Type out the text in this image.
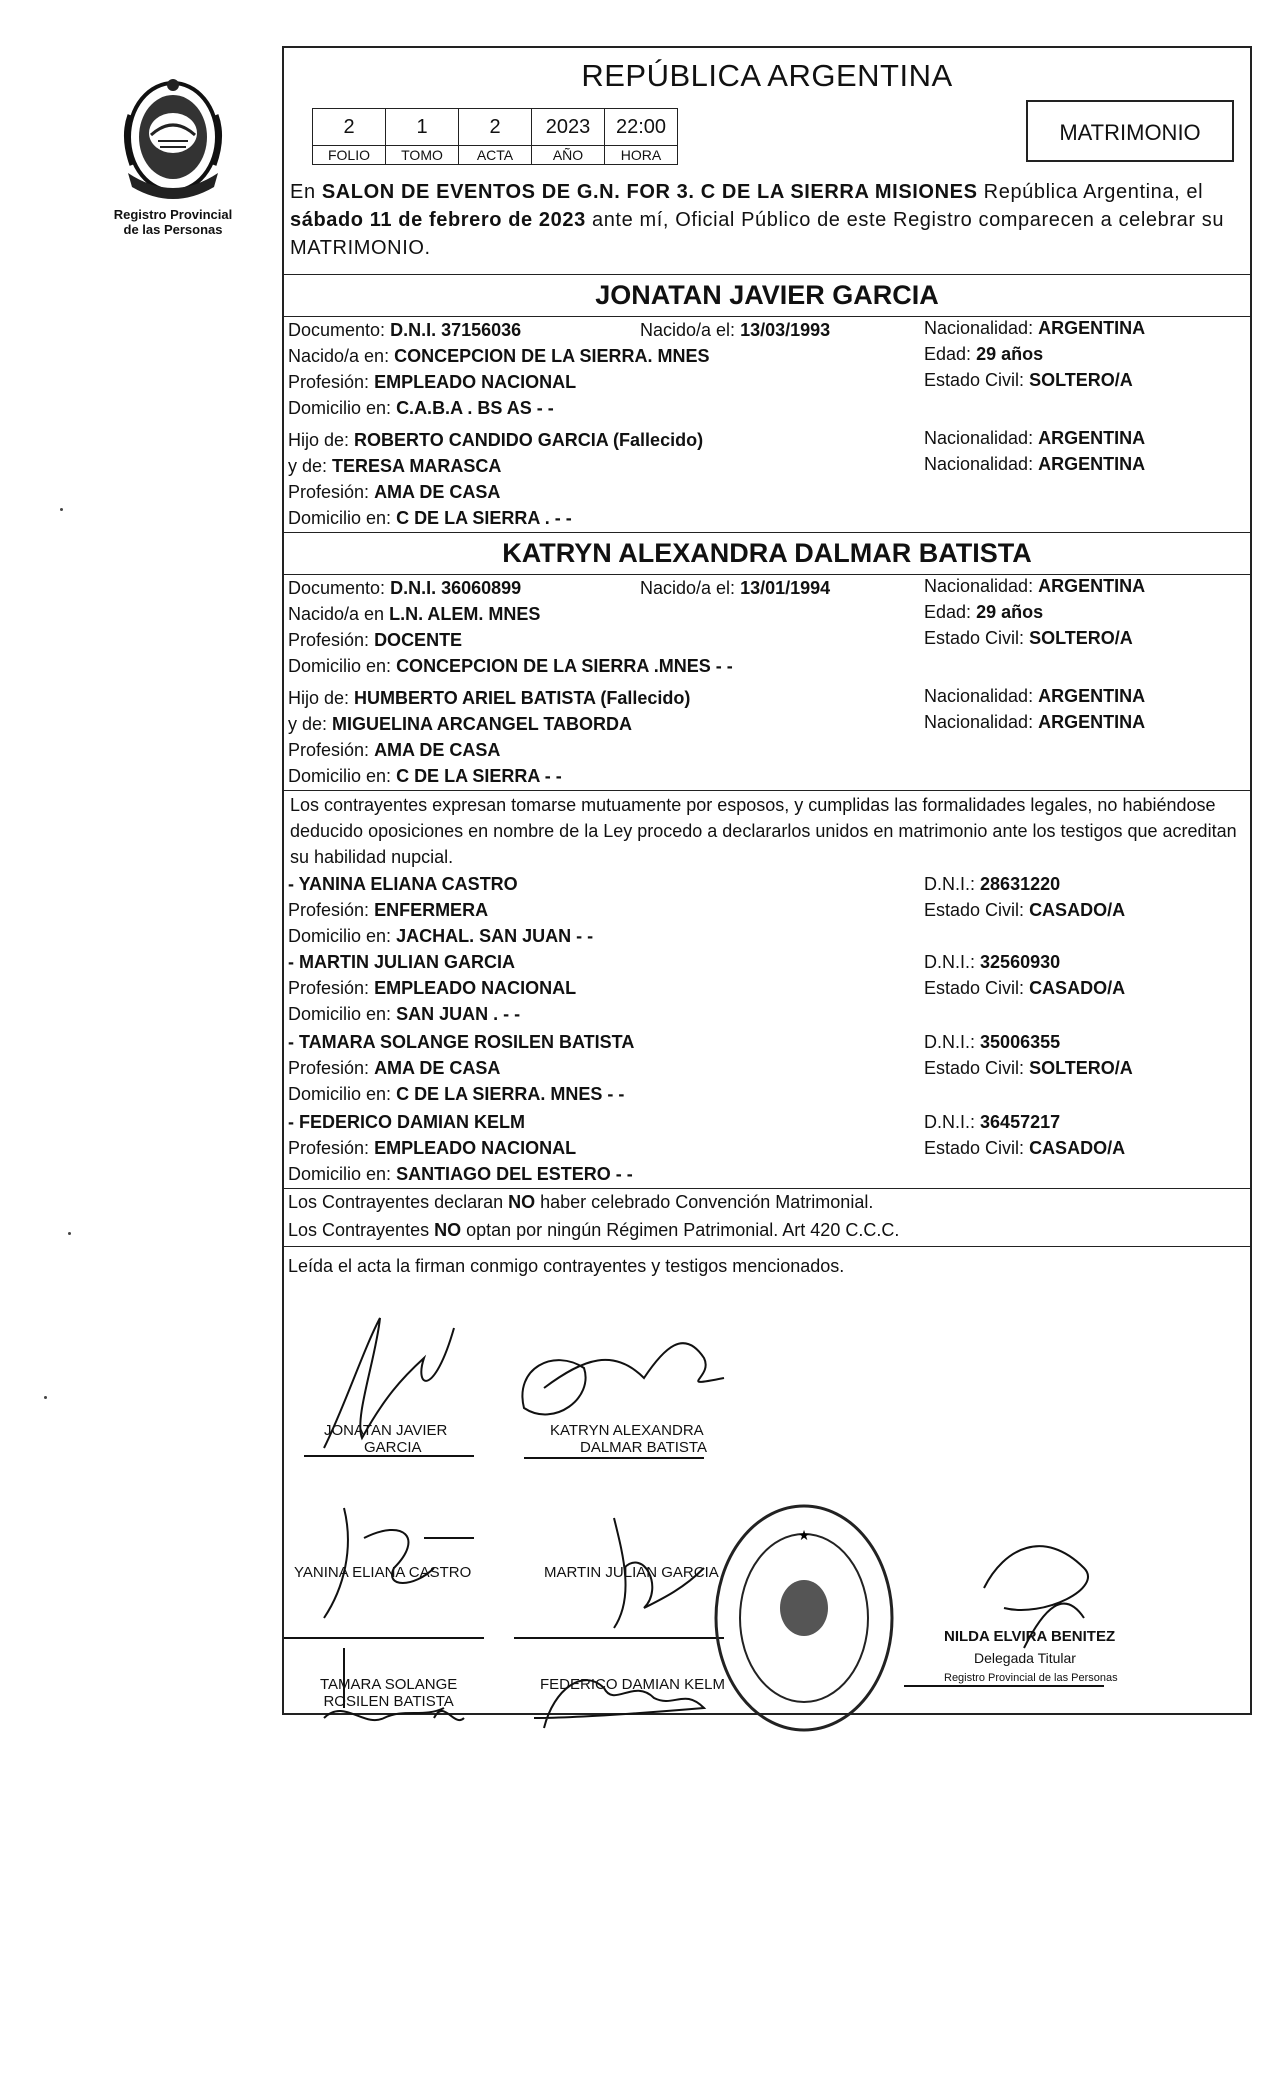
Registro Provincial
de las Personas
REPÚBLICA ARGENTINA
2	1	2	2023	22:00
FOLIO	TOMO	ACTA	AÑO	HORA
MATRIMONIO
En SALON DE EVENTOS DE G.N. FOR 3. C DE LA SIERRA MISIONES República Argentina, el sábado 11 de febrero de 2023 ante mí, Oficial Público de este Registro comparecen a celebrar su MATRIMONIO.
JONATAN JAVIER GARCIA
Documento: D.N.I. 37156036	Nacido/a el: 13/03/1993	Nacionalidad: ARGENTINA
Nacido/a en: CONCEPCION DE LA SIERRA. MNES	Edad: 29 años
Profesión: EMPLEADO NACIONAL	Estado Civil: SOLTERO/A
Domicilio en: C.A.B.A . BS AS - -
Hijo de: ROBERTO CANDIDO GARCIA (Fallecido)	Nacionalidad: ARGENTINA
y de: TERESA MARASCA	Nacionalidad: ARGENTINA
Profesión: AMA DE CASA
Domicilio en: C DE LA SIERRA . - -
KATRYN ALEXANDRA DALMAR BATISTA
Documento: D.N.I. 36060899	Nacido/a el: 13/01/1994	Nacionalidad: ARGENTINA
Nacido/a en L.N. ALEM. MNES	Edad: 29 años
Profesión: DOCENTE	Estado Civil: SOLTERO/A
Domicilio en: CONCEPCION DE LA SIERRA .MNES - -
Hijo de: HUMBERTO ARIEL BATISTA (Fallecido)	Nacionalidad: ARGENTINA
y de: MIGUELINA ARCANGEL TABORDA	Nacionalidad: ARGENTINA
Profesión: AMA DE CASA
Domicilio en: C DE LA SIERRA - -
Los contrayentes expresan tomarse mutuamente por esposos, y cumplidas las formalidades legales, no habiéndose deducido oposiciones en nombre de la Ley procedo a declararlos unidos en matrimonio ante los testigos que acreditan su habilidad nupcial.
- YANINA ELIANA CASTRO	D.N.I.: 28631220
Profesión: ENFERMERA	Estado Civil: CASADO/A
Domicilio en: JACHAL. SAN JUAN - -
- MARTIN JULIAN GARCIA	D.N.I.: 32560930
Profesión: EMPLEADO NACIONAL	Estado Civil: CASADO/A
Domicilio en: SAN JUAN . - -
- TAMARA SOLANGE ROSILEN BATISTA	D.N.I.: 35006355
Profesión: AMA DE CASA	Estado Civil: SOLTERO/A
Domicilio en: C DE LA SIERRA. MNES - -
- FEDERICO DAMIAN KELM	D.N.I.: 36457217
Profesión: EMPLEADO NACIONAL	Estado Civil: CASADO/A
Domicilio en: SANTIAGO DEL ESTERO - -
Los Contrayentes declaran NO haber celebrado Convención Matrimonial.
Los Contrayentes NO optan por ningún Régimen Patrimonial. Art 420 C.C.C.
Leída el acta la firman conmigo contrayentes y testigos mencionados.
★
JONATAN JAVIER
GARCIA
KATRYN ALEXANDRA
DALMAR BATISTA
YANINA ELIANA CASTRO	MARTIN JULIAN GARCIA
TAMARA SOLANGE
ROSILEN BATISTA
FEDERICO DAMIAN KELM
NILDA ELVIRA BENITEZ
Delegada Titular
Registro Provincial de las Personas
